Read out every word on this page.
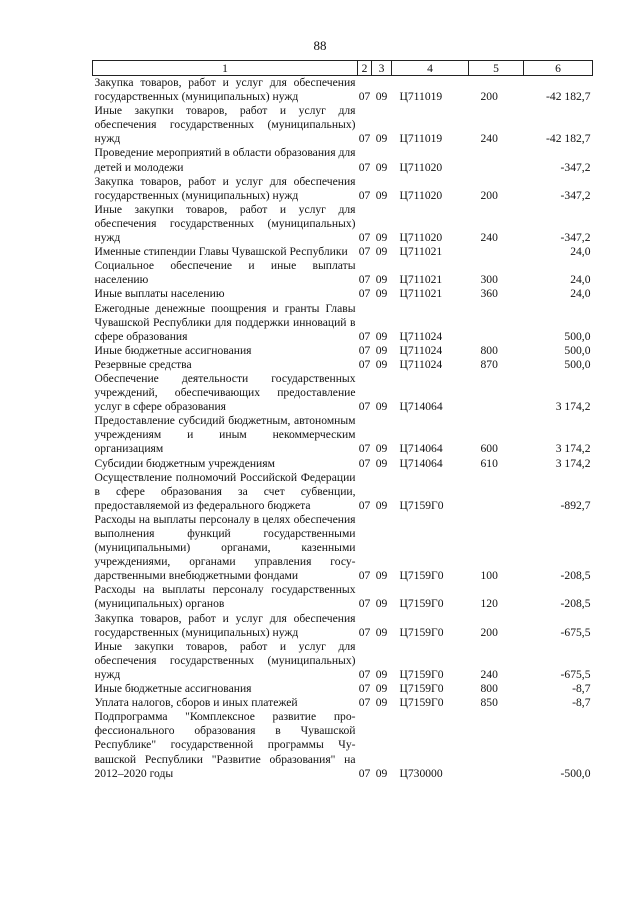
88
1	2	3	4	5	6
Закупка товаров, работ и услуг для обеспечения государственных (муниципальных) нужд	07	09	Ц711019	200	-42 182,7
Иные закупки товаров, работ и услуг для обеспечения государственных (муниципальных) нужд	07	09	Ц711019	240	-42 182,7
Проведение мероприятий в области образования для детей и молодежи	07	09	Ц711020		-347,2
Закупка товаров, работ и услуг для обеспечения государственных (муниципальных) нужд	07	09	Ц711020	200	-347,2
Иные закупки товаров, работ и услуг для обеспечения государственных (муниципальных) нужд	07	09	Ц711020	240	-347,2
Именные стипендии Главы Чувашской Республики	07	09	Ц711021		24,0
Социальное обеспечение и иные выплаты населению	07	09	Ц711021	300	24,0
Иные выплаты населению	07	09	Ц711021	360	24,0
Ежегодные денежные поощрения и гранты Главы Чувашской Республики для поддержки инноваций в сфере образования	07	09	Ц711024		500,0
Иные бюджетные ассигнования	07	09	Ц711024	800	500,0
Резервные средства	07	09	Ц711024	870	500,0
Обеспечение деятельности государственных учреждений, обеспечивающих предоставление услуг в сфере образования	07	09	Ц714064		3 174,2
Предоставление субсидий бюджетным, автономным учреждениям и иным некоммерческим организациям	07	09	Ц714064	600	3 174,2
Субсидии бюджетным учреждениям	07	09	Ц714064	610	3 174,2
Осуществление полномочий Российской Федерации в сфере образования за счет субвенции, предоставляемой из федерального бюджета	07	09	Ц7159Г0		-892,7
Расходы на выплаты персоналу в целях обеспечения выполнения функций государственными (муниципальными) органами, казенными учреждениями, органами управления государственными внебюджетными фондами	07	09	Ц7159Г0	100	-208,5
Расходы на выплаты персоналу государственных (муниципальных) органов	07	09	Ц7159Г0	120	-208,5
Закупка товаров, работ и услуг для обеспечения государственных (муниципальных) нужд	07	09	Ц7159Г0	200	-675,5
Иные закупки товаров, работ и услуг для обеспечения государственных (муниципальных) нужд	07	09	Ц7159Г0	240	-675,5
Иные бюджетные ассигнования	07	09	Ц7159Г0	800	-8,7
Уплата налогов, сборов и иных платежей	07	09	Ц7159Г0	850	-8,7
Подпрограмма "Комплексное развитие профессионального образования в Чувашской Республике" государственной программы Чувашской Республики "Развитие образования" на 2012–2020 годы	07	09	Ц730000		-500,0
